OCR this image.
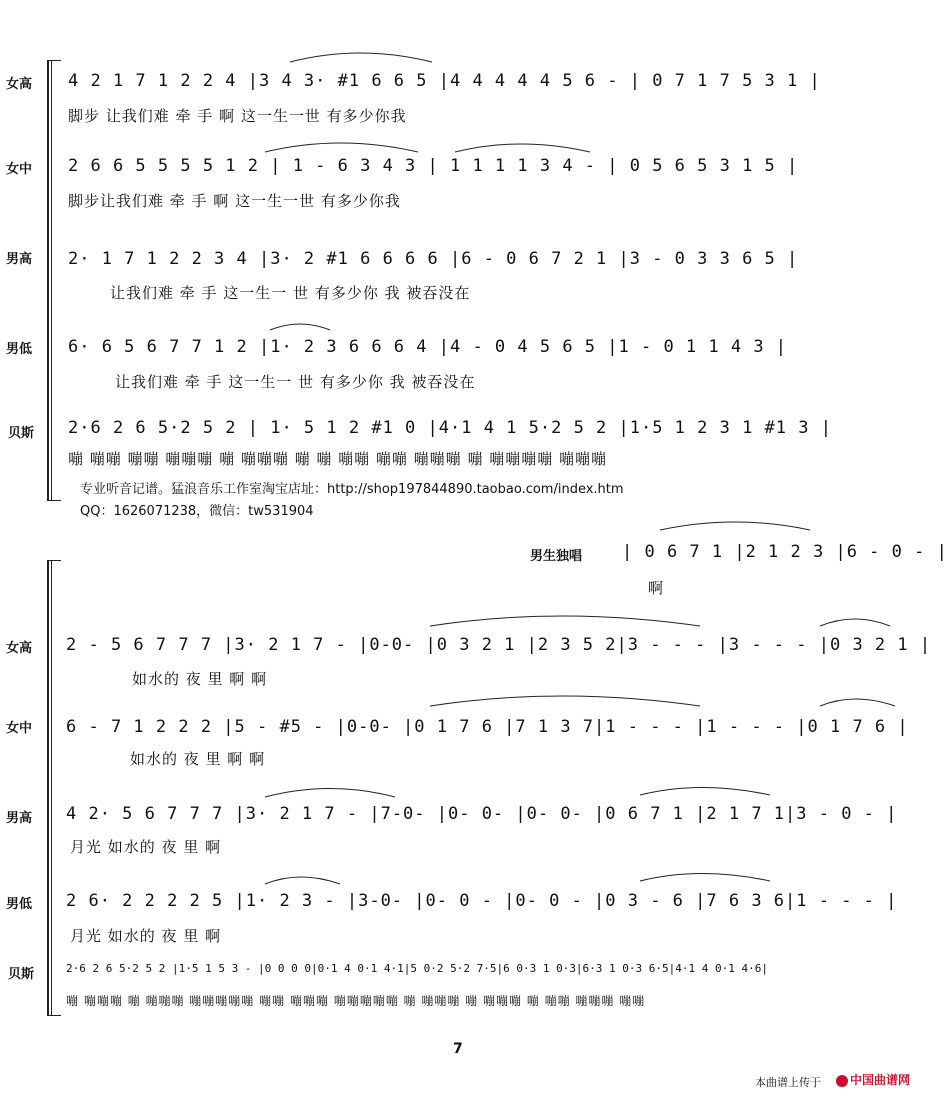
女高 4 2 1 7 1 2 2 4 |3 4 3· #1 6 6 5 |4 4 4 4 4 5 6 - | 0 7 1 7 5 3 1 |
脚步 让我们难 牵 手 啊 这一生一世 有多少你我
女中 2 6 6 5 5 5 5 1 2 | 1 - 6 3 4 3 | 1 1 1 1 3 4 - | 0 5 6 5 3 1 5 |
脚步让我们难 牵 手 啊 这一生一世 有多少你我
男高 2· 1 7 1 2 2 3 4 |3· 2 #1 6 6 6 6 |6 - 0 6 7 2 1 |3 - 0 3 3 6 5 |
让我们难 牵 手 这一生一 世 有多少你 我 被吞没在
男低 6· 6 5 6 7 7 1 2 |1· 2 3 6 6 6 4 |4 - 0 4 5 6 5 |1 - 0 1 1 4 3 |
让我们难 牵 手 这一生一 世 有多少你 我 被吞没在
贝斯 2·6 2 6 5·2 5 2 | 1· 5 1 2 #1 0 |4·1 4 1 5·2 5 2 |1·5 1 2 3 1 #1 3 |
嘣 嘣嘣 嘣嘣 嘣嘣嘣 嘣 嘣嘣嘣 嘣 嘣 嘣嘣 嘣嘣 嘣嘣嘣 嘣 嘣嘣嘣嘣 嘣嘣嘣
专业听音记谱。猛浪音乐工作室淘宝店址：http://shop197844890.taobao.com/index.htm
QQ：1626071238，微信：tw531904
男生独唱 | 0 6 7 1 |2 1 2 3 |6 - 0 - |
啊
女高 2 - 5 6 7 7 7 |3· 2 1 7 - |0-0- |0 3 2 1 |2 3 5 2|3 - - - |3 - - - |0 3 2 1 |
如水的 夜 里 啊 啊
女中 6 - 7 1 2 2 2 |5 - #5 - |0-0- |0 1 7 6 |7 1 3 7|1 - - - |1 - - - |0 1 7 6 |
如水的 夜 里 啊 啊
男高 4 2· 5 6 7 7 7 |3· 2 1 7 - |7-0- |0- 0- |0- 0- |0 6 7 1 |2 1 7 1|3 - 0 - |
月光 如水的 夜 里 啊
男低 2 6· 2 2 2 2 5 |1· 2 3 - |3-0- |0- 0 - |0- 0 - |0 3 - 6 |7 6 3 6|1 - - - |
月光 如水的 夜 里 啊
贝斯	2·6 2 6 5·2 5 2 |1·5 1 5 3 - |0 0 0 0|0·1 4 0·1 4·1|5 0·2 5·2 7·5|6 0·3 1 0·3|6·3 1 0·3 6·5|4·1 4 0·1 4·6|
嘣 嘣嘣嘣 嘣 嘣嘣嘣 嘣嘣嘣嘣嘣 嘣嘣 嘣嘣嘣 嘣嘣嘣嘣嘣 嘣 嘣嘣嘣 嘣 嘣嘣嘣 嘣 嘣嘣 嘣嘣嘣 嘣嘣
7
本曲谱上传于	中国曲谱网
